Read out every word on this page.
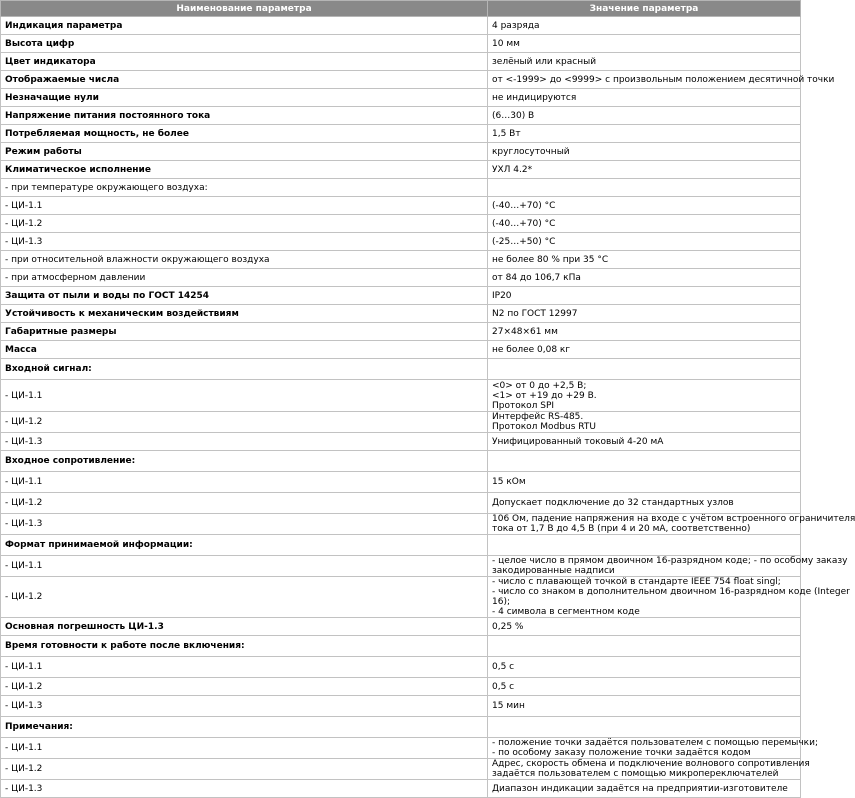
Наименование параметра	Значение параметра
Индикация параметра	4 разряда

Высота цифр	10 мм

Цвет индикатора	зелёный или красный

Отображаемые числа	от <-1999> до <9999> с произвольным положением десятичной точки

Незначащие нули	не индицируются

Напряжение питания постоянного тока	(6…30) В

Потребляемая мощность, не более	1,5 Вт

Режим работы	круглосуточный

Климатическое исполнение	УХЛ 4.2*

- при температуре окружающего воздуха:	
- ЦИ-1.1	(-40…+70) °С

- ЦИ-1.2	(-40…+70) °С

- ЦИ-1.3	(-25…+50) °С

- при относительной влажности окружающего воздуха	не более 80 % при 35 °С

- при атмосферном давлении	от 84 до 106,7 кПа

Защита от пыли и воды по ГОСТ 14254	IP20

Устойчивость к механическим воздействиям	N2 по ГОСТ 12997

Габаритные размеры	27×48×61 мм

Масса	не более 0,08 кг

Входной сигнал:	
- ЦИ-1.1	<0> от 0 до +2,5 В;
<1> от +19 до +29 В.
Протокол SPI

- ЦИ-1.2	Интерфейс RS-485.
Протокол Modbus RTU

- ЦИ-1.3	Унифицированный токовый 4-20 мА

Входное сопротивление:	
- ЦИ-1.1	15 кОм

- ЦИ-1.2	Допускает подключение до 32 стандартных узлов

- ЦИ-1.3	106 Ом, падение напряжения на входе с учётом встроенного ограничителя
тока от 1,7 В до 4,5 В (при 4 и 20 мА, соответственно)

Формат принимаемой информации:	
- ЦИ-1.1	- целое число в прямом двоичном 16-разрядном коде; - по особому заказу
закодированные надписи

- ЦИ-1.2	- число с плавающей точкой в стандарте IEEE 754 float singl;
- число со знаком в дополнительном двоичном 16-разрядном коде (Integer
16);
- 4 символа в сегментном коде

Основная погрешность ЦИ-1.3	0,25 %

Время готовности к работе после включения:	
- ЦИ-1.1	0,5 с

- ЦИ-1.2	0,5 с

- ЦИ-1.3	15 мин

Примечания:	
- ЦИ-1.1	- положение точки задаётся пользователем с помощью перемычки;
- по особому заказу положение точки задаётся кодом

- ЦИ-1.2	Адрес, скорость обмена и подключение волнового сопротивления
задаётся пользователем с помощью микропереключателей

- ЦИ-1.3	Диапазон индикации задаётся на предприятии-изготовителе
